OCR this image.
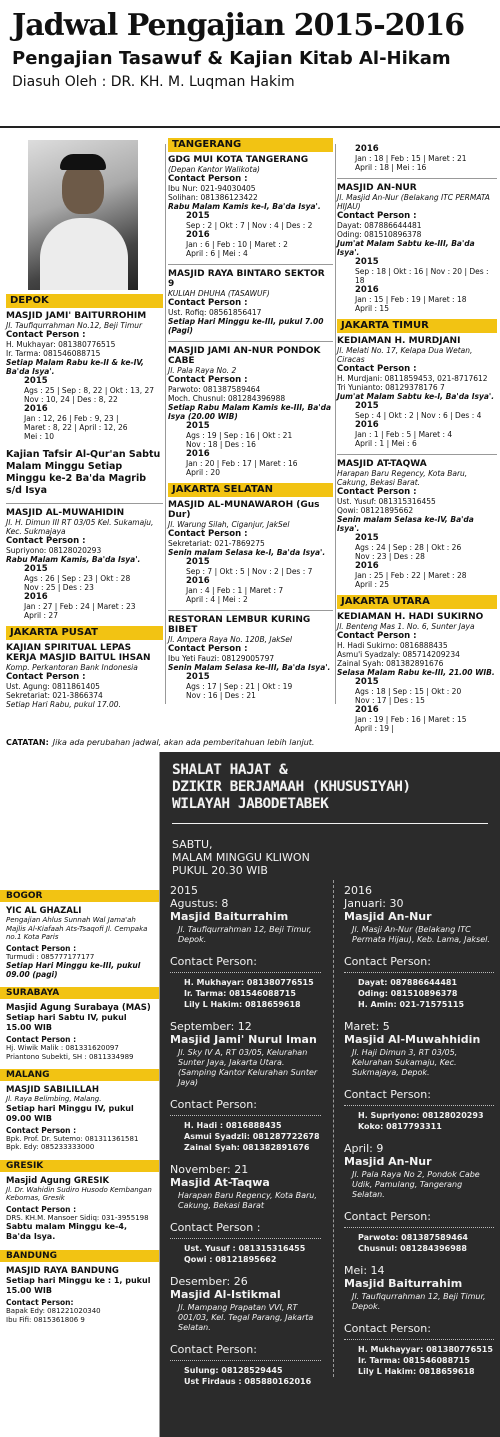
Jadwal Pengajian 2015-2016
Pengajian Tasawuf & Kajian Kitab Al-Hikam
Diasuh Oleh : DR. KH. M. Luqman Hakim
DEPOK
MASJID JAMI' BAITURROHIM
Jl. Taufiqurrahman No.12, Beji Timur
Contact Person :
H. Mukhayar: 081380776515
Ir. Tarma: 081546088715
Setiap Malam Rabu ke-II & ke-IV, Ba'da Isya'.
2015
Ags : 25 | Sep : 8, 22 | Okt : 13, 27
Nov : 10, 24 | Des : 8, 22
2016
Jan : 12, 26 | Feb : 9, 23 |
Maret : 8, 22 | April : 12, 26
Mei : 10
Kajian Tafsir Al-Qur'an Sabtu Malam Minggu Setiap Minggu ke-2 Ba'da Magrib s/d Isya
MASJID AL-MUWAHIDIN
Jl. H. Dimun III RT 03/05 Kel. Sukamaju, Kec. Sukmajaya
Contact Person :
Supriyono: 08128020293
Rabu Malam Kamis, Ba'da Isya'.
2015
Ags : 26 | Sep : 23 | Okt : 28
Nov : 25 | Des : 23
2016
Jan : 27 | Feb : 24 | Maret : 23
April : 27
JAKARTA PUSAT
KAJIAN SPIRITUAL LEPAS KERJA MASJID BAITUL IHSAN
Komp. Perkantoran Bank Indonesia
Contact Person :
Ust. Agung: 0811861405
Sekretariat: 021-3866374
Setiap Hari Rabu, pukul 17.00.
TANGERANG
GDG MUI KOTA TANGERANG
(Depan Kantor Walikota)
Contact Person :
Ibu Nur: 021-94030405
Solihan: 081386123422
Rabu Malam Kamis ke-I, Ba'da Isya'.
2015
Sep : 2 | Okt : 7 | Nov : 4 | Des : 2
2016
Jan : 6 | Feb : 10 | Maret : 2
April : 6 | Mei : 4
MASJID RAYA BINTARO SEKTOR 9
KULIAH DHUHA (TASAWUF)
Contact Person :
Ust. Rofiq: 08561856417
Setiap Hari Minggu ke-III, pukul 7.00 (Pagi)
MASJID JAMI AN-NUR PONDOK CABE
Jl. Pala Raya No. 2
Contact Person :
Parwoto: 081387589464
Moch. Chusnul: 081284396988
Setiap Rabu Malam Kamis ke-III, Ba'da Isya (20.00 WIB)
2015
Ags : 19 | Sep : 16 | Okt : 21
Nov : 18 | Des : 16
2016
Jan : 20 | Feb : 17 | Maret : 16
April : 20
JAKARTA SELATAN
MASJID AL-MUNAWAROH (Gus Dur)
Jl. Warung Silah, Ciganjur, JakSel
Contact Person :
Sekretariat: 021-7869275
Senin malam Selasa ke-I, Ba'da Isya'.
2015
Sep : 7 | Okt : 5 | Nov : 2 | Des : 7
2016
Jan : 4 | Feb : 1 | Maret : 7
April : 4 | Mei : 2
RESTORAN LEMBUR KURING BIBET
Jl. Ampera Raya No. 120B, JakSel
Contact Person :
Ibu Yeti Fauzi: 08129005797
Senin Malam Selasa ke-III, Ba'da Isya'.
2015
Ags : 17 | Sep : 21 | Okt : 19
Nov : 16 | Des : 21
2016
Jan : 18 | Feb : 15 | Maret : 21
April : 18 | Mei : 16
MASJID AN-NUR
Jl. Masjid An-Nur (Belakang ITC PERMATA HIJAU)
Contact Person :
Dayat: 087886644481
Oding: 081510896378
Jum'at Malam Sabtu ke-III, Ba'da Isya'.
2015
Sep : 18 | Okt : 16 | Nov : 20 | Des : 18
2016
Jan : 15 | Feb : 19 | Maret : 18
April : 15
JAKARTA TIMUR
KEDIAMAN H. MURDJANI
Jl. Melati No. 17, Kelapa Dua Wetan, Ciracas
Contact Person :
H. Murdjani: 0811859453, 021-8717612
Tri Yunianto: 08129378176 7
Jum'at Malam Sabtu ke-I, Ba'da Isya'.
2015
Sep : 4 | Okt : 2 | Nov : 6 | Des : 4
2016
Jan : 1 | Feb : 5 | Maret : 4
April : 1 | Mei : 6
MASJID AT-TAQWA
Harapan Baru Regency, Kota Baru, Cakung, Bekasi Barat.
Contact Person :
Ust. Yusuf: 081315316455
Qowi: 08121895662
Senin malam Selasa ke-IV, Ba'da Isya'.
2015
Ags : 24 | Sep : 28 | Okt : 26
Nov : 23 | Des : 28
2016
Jan : 25 | Feb : 22 | Maret : 28
April : 25
JAKARTA UTARA
KEDIAMAN H. HADI SUKIRNO
Jl. Benteng Mas 1. No. 6, Sunter Jaya
Contact Person :
H. Hadi Sukirno: 0816888435
Asmu'i Syadzaly: 085714209234
Zainal Syah: 081382891676
Selasa Malam Rabu ke-III, 21.00 WIB.
2015
Ags : 18 | Sep : 15 | Okt : 20
Nov : 17 | Des : 15
2016
Jan : 19 | Feb : 16 | Maret : 15
April : 19 |
CATATAN: Jika ada perubahan jadwal, akan ada pemberitahuan lebih lanjut.
BOGOR
YIC AL GHAZALI
Pengajian Ahlus Sunnah Wal Jama'ah Majlis Al-Kiafaah Ats-Tsaqofi Jl. Cempaka no.1 Kota Paris
Contact Person :
Turmudi : 085777177177
Setiap Hari Minggu ke-III, pukul 09.00 (pagi)
SURABAYA
Masjid Agung Surabaya (MAS)
Setiap hari Sabtu IV, pukul 15.00 WIB
Contact Person :
Hj. Wiwik Malik : 081331620097
Priantono Subekti, SH : 0811334989
MALANG
MASJID SABILILLAH
Jl. Raya Belimbing, Malang.
Setiap hari Minggu IV, pukul 09.00 WIB
Contact Person :
Bpk. Prof. Dr. Sutemo: 081311361581
Bpk. Edy: 085233333000
GRESIK
Masjid Agung GRESIK
Jl. Dr. Wahidin Sudiro Husodo Kembangan Kebomas, Gresik
Contact Person :
DRS. KH.M. Mansoer Sidiq: 031-3955198
Sabtu malam Minggu ke-4, Ba'da Isya.
BANDUNG
MASJID RAYA BANDUNG
Setiap hari Minggu ke : 1, pukul 15.00 WIB
Contact Person:
Bapak Edy: 081221020340
Ibu Fifi: 0815361806 9
SHALAT HAJAT &
DZIKIR BERJAMAAH (KHUSUSIYAH)
WILAYAH JABODETABEK
SABTU,
MALAM MINGGU KLIWON
PUKUL 20.30 WIB
2015
Agustus: 8
Masjid Baiturrahim
Jl. Taufiqurrahman 12, Beji Timur, Depok.
Contact Person:
H. Mukhayar: 081380776515
Ir. Tarma: 081546088715
Lily L Hakim: 0818659618
September: 12
Masjid Jami' Nurul Iman
Jl. Sky IV A, RT 03/05, Kelurahan Sunter Jaya, Jakarta Utara. (Samping Kantor Kelurahan Sunter Jaya)
Contact Person:
H. Hadi : 0816888435
Asmui Syadzli: 081287722678
Zainal Syah: 081382891676
November: 21
Masjid At-Taqwa
Harapan Baru Regency, Kota Baru, Cakung, Bekasi Barat
Contact Person :
Ust. Yusuf : 081315316455
Qowi : 08121895662
Desember: 26
Masjid Al-Istikmal
Jl. Mampang Prapatan VVI, RT 001/03, Kel. Tegal Parang, Jakarta Selatan.
Contact Person:
Sulung: 08128529445
Ust Firdaus : 085880162016
2016
Januari: 30
Masjid An-Nur
Jl. Masji An-Nur (Belakang ITC Permata Hijau), Keb. Lama, Jaksel.
Contact Person:
Dayat: 087886644481
Oding: 081510896378
H. Amin: 021-71575115
Maret: 5
Masjid Al-Muwahhidin
Jl. Haji Dimun 3, RT 03/05, Kelurahan Sukamaju, Kec. Sukmajaya, Depok.
Contact Person:
H. Supriyono: 08128020293
Koko: 0817793311
April: 9
Masjid An-Nur
Jl. Pala Raya No 2, Pondok Cabe Udik, Pamulang, Tangerang Selatan.
Contact Person:
Parwoto: 081387589464
Chusnul: 081284396988
Mei: 14
Masjid Baiturrahim
Jl. Taufiqurrahman 12, Beji Timur, Depok.
Contact Person:
H. Mukhayyar: 081380776515
Ir. Tarma: 081546088715
Lily L Hakim: 0818659618
